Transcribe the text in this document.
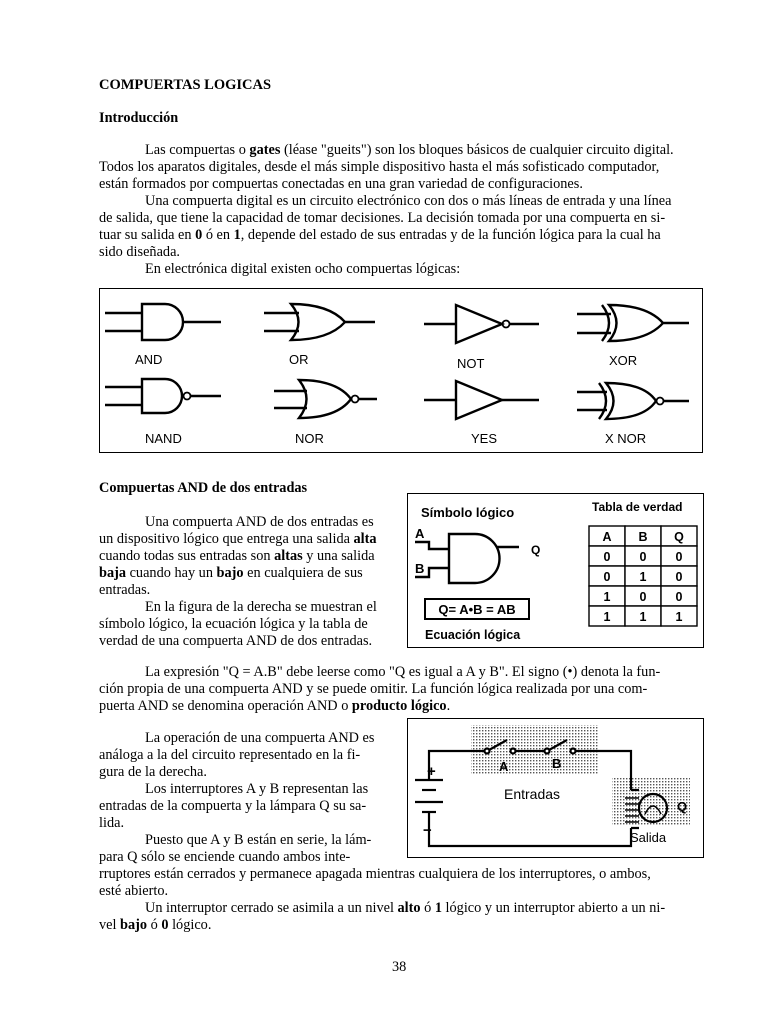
COMPUERTAS LOGICAS
Introducción
Las compuertas o gates (léase "gueits") son los bloques básicos de cualquier circuito digital.
Todos los aparatos digitales, desde el más simple dispositivo hasta el más sofisticado computador,
están formados por compuertas conectadas en una gran variedad de configuraciones.
Una compuerta digital es un circuito electrónico con dos o más líneas de entrada y una línea
de salida, que tiene la capacidad de tomar decisiones. La decisión tomada por una compuerta en si-
tuar su salida en 0 ó en 1, depende del estado de sus entradas y de la función lógica para la cual ha
sido diseñada.
En electrónica digital existen ocho compuertas lógicas:
AND	OR	NOT	XOR
NAND	NOR	YES	X NOR
Compuertas AND de dos entradas
Una compuerta AND de dos entradas es
un dispositivo lógico que entrega una salida alta
cuando todas sus entradas son altas y una salida
baja cuando hay un bajo en cualquiera de sus
entradas.
En la figura de la derecha se muestran el
símbolo lógico, la ecuación lógica y la tabla de
verdad de una compuerta AND de dos entradas.
Símbolo lógico
A
B
Q
Q= A•B = AB
Ecuación lógica
Tabla de verdad
A B Q
0 0 0
0 1 0
1 0 0
1 1 1
La expresión "Q = A.B" debe leerse como "Q es igual a A y B". El signo (•) denota la fun-
ción propia de una compuerta AND y se puede omitir. La función lógica realizada por una com-
puerta AND se denomina operación AND o producto lógico.
La operación de una compuerta AND es
análoga a la del circuito representado en la fi-
gura de la derecha.
Los interruptores A y B representan las
entradas de la compuerta y la lámpara Q su sa-
lida.
Puesto que A y B están en serie, la lám-
para Q sólo se enciende cuando ambos inte-
rruptores están cerrados y permanece apagada mientras cualquiera de los interruptores, o ambos,
esté abierto.
Un interruptor cerrado se asimila a un nivel alto ó 1 lógico y un interruptor abierto a un ni-
vel bajo ó 0 lógico.
+
−
A	B
Entradas
Q
Salida
38
